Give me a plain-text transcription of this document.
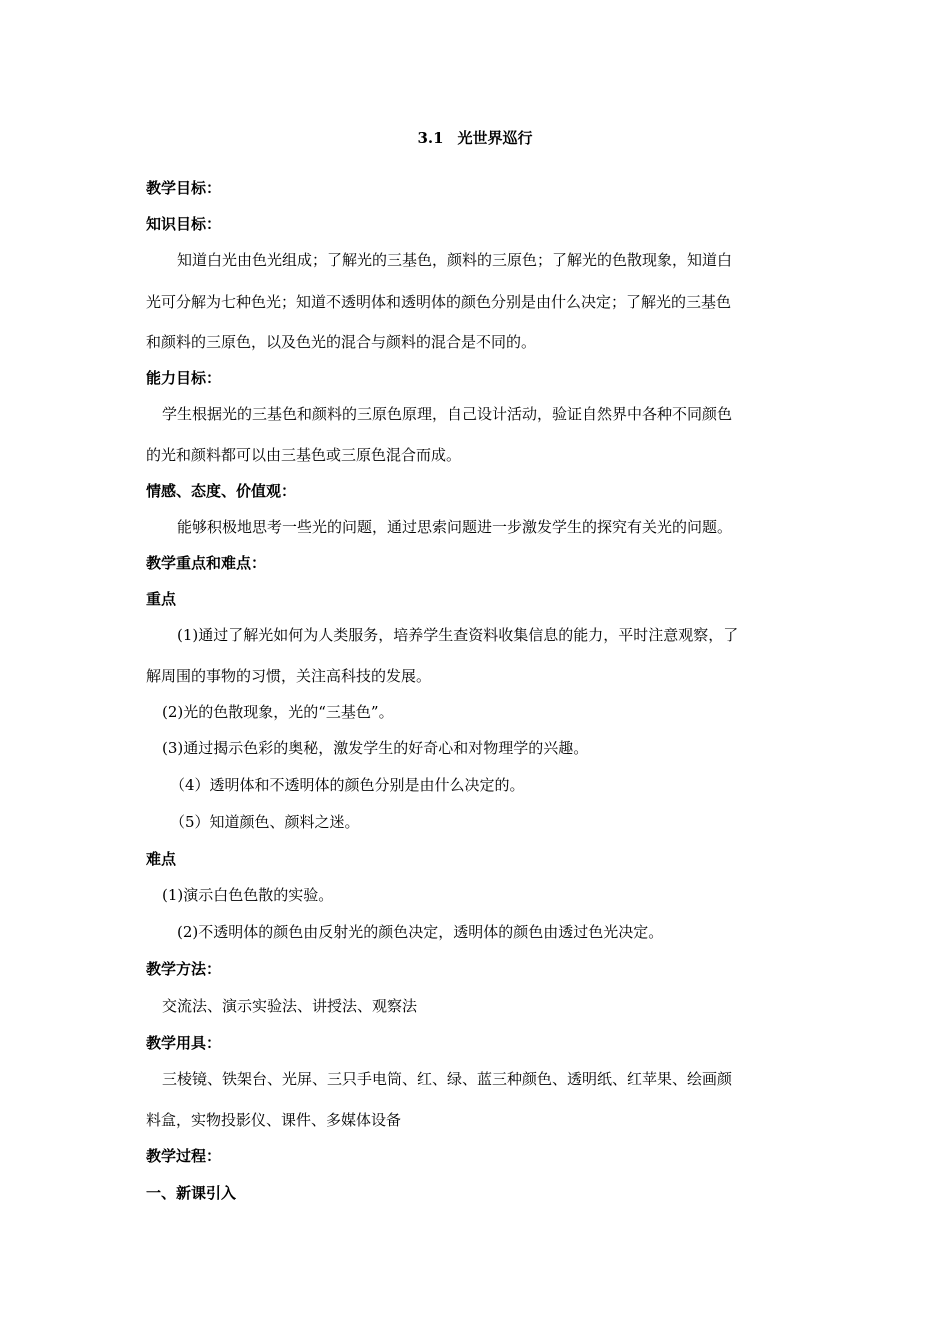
3.1 光世界巡行
教学目标：
知识目标：
知道白光由色光组成；了解光的三基色，颜料的三原色；了解光的色散现象，知道白
光可分解为七种色光；知道不透明体和透明体的颜色分别是由什么决定；了解光的三基色
和颜料的三原色，以及色光的混合与颜料的混合是不同的。
能力目标：
学生根据光的三基色和颜料的三原色原理，自己设计活动，验证自然界中各种不同颜色
的光和颜料都可以由三基色或三原色混合而成。
情感、态度、价值观：
能够积极地思考一些光的问题，通过思索问题进一步激发学生的探究有关光的问题。
教学重点和难点：
重点
(1)通过了解光如何为人类服务，培养学生查资料收集信息的能力，平时注意观察，了
解周围的事物的习惯，关注高科技的发展。
(2)光的色散现象，光的“三基色”。
(3)通过揭示色彩的奥秘，激发学生的好奇心和对物理学的兴趣。
（4）透明体和不透明体的颜色分别是由什么决定的。
（5）知道颜色、颜料之迷。
难点
(1)演示白色色散的实验。
(2)不透明体的颜色由反射光的颜色决定，透明体的颜色由透过色光决定。
教学方法：
交流法、演示实验法、讲授法、观察法
教学用具：
三棱镜、铁架台、光屏、三只手电筒、红、绿、蓝三种颜色、透明纸、红苹果、绘画颜
料盒，实物投影仪、课件、多媒体设备
教学过程：
一、新课引入
